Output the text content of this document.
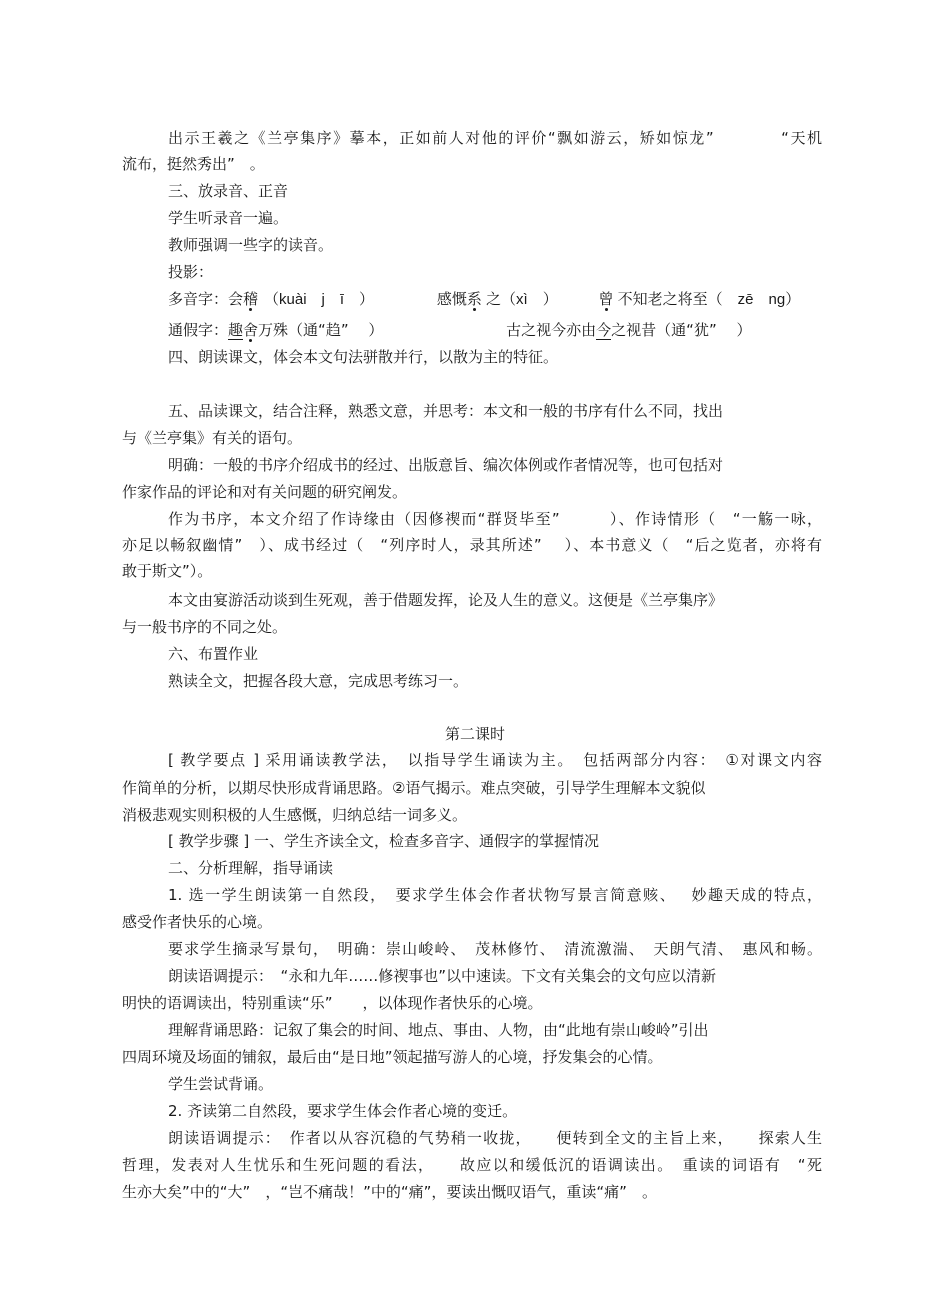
出示王羲之《兰亭集序》摹本，正如前人对他的评价“飘如游云，矫如惊龙”　　　　“天机
流布，挺然秀出”　。
三、放录音、正音
学生听录音一遍。
教师强调一些字的读音。
投影：
多音字：会稽 （kuài　j　ī　）	感慨系 之（xì　）	曾 不知老之将至（　zē　ng）
通假字：趣舍万殊（通“趋”　 ）	古之视今亦由今之视昔（通“犹”　 ）
四、朗读课文，体会本文句法骈散并行，以散为主的特征。
五、品读课文，结合注释，熟悉文意，并思考：本文和一般的书序有什么不同，找出
与《兰亭集》有关的语句。
明确：一般的书序介绍成书的经过、出版意旨、编次体例或作者情况等，也可包括对
作家作品的评论和对有关问题的研究阐发。
作为书序，本文介绍了作诗缘由（因修禊而“群贤毕至”　　　）、作诗情形（　“一觞一咏，
亦足以畅叙幽情”　）、成书经过（　“列序时人，录其所述”　 ）、本书意义（　“后之览者，亦将有
敢于斯文”）。
本文由宴游活动谈到生死观，善于借题发挥，论及人生的意义。这便是《兰亭集序》
与一般书序的不同之处。
六、布置作业
熟读全文，把握各段大意，完成思考练习一。
第二课时
[ 教学要点 ] 采用诵读教学法，　以指导学生诵读为主。　包括两部分内容：　①对课文内容
作简单的分析，以期尽快形成背诵思路。②语气揭示。难点突破，引导学生理解本文貌似
消极悲观实则积极的人生感慨，归纳总结一词多义。
[ 教学步骤 ] 一、学生齐读全文，检查多音字、通假字的掌握情况
二、分析理解，指导诵读
1. 选一学生朗读第一自然段，　要求学生体会作者状物写景言简意赅、　 妙趣天成的特点，
感受作者快乐的心境。
要求学生摘录写景句，　明确：崇山峻岭、　茂林修竹、　清流激湍、　天朗气清、　惠风和畅。
朗读语调提示：　“永和九年……修禊事也”以中速读。下文有关集会的文句应以清新
明快的语调读出，特别重读“乐”　　，以体现作者快乐的心境。
理解背诵思路：记叙了集会的时间、地点、事由、人物，由“此地有崇山峻岭”引出
四周环境及场面的铺叙，最后由“是日地”领起描写游人的心境，抒发集会的心情。
学生尝试背诵。
2. 齐读第二自然段，要求学生体会作者心境的变迁。
朗读语调提示：　作者以从容沉稳的气势稍一收拢，　　便转到全文的主旨上来，　　探索人生
哲理，发表对人生忧乐和生死问题的看法，　　故应以和缓低沉的语调读出。　重读的词语有　“死
生亦大矣”中的“大”　，“岂不痛哉！”中的“痛”，要读出慨叹语气，重读“痛”　。
